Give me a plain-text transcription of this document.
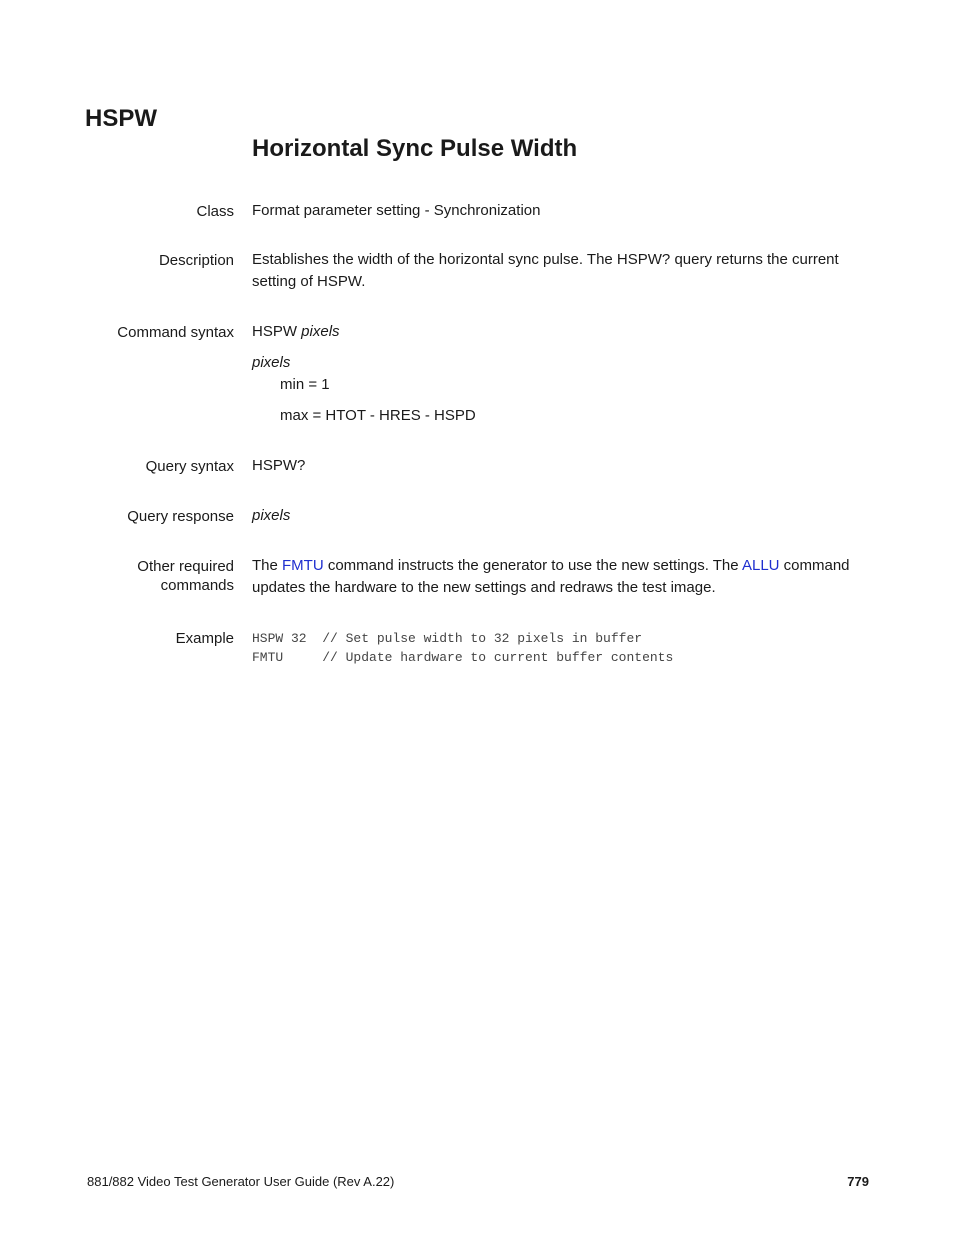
HSPW
Horizontal Sync Pulse Width
Class Format parameter setting - Synchronization
Description Establishes the width of the horizontal sync pulse. The HSPW? query returns the current setting of HSPW.
Command syntax HSPW pixels
pixels
min = 1
max = HTOT - HRES - HSPD
Query syntax HSPW?
Query response pixels
Other required
commands
The FMTU command instructs the generator to use the new settings. The ALLU command updates the hardware to the new settings and redraws the test image.
Example HSPW 32  // Set pulse width to 32 pixels in buffer
FMTU     // Update hardware to current buffer contents
881/882 Video Test Generator User Guide (Rev A.22)	779
